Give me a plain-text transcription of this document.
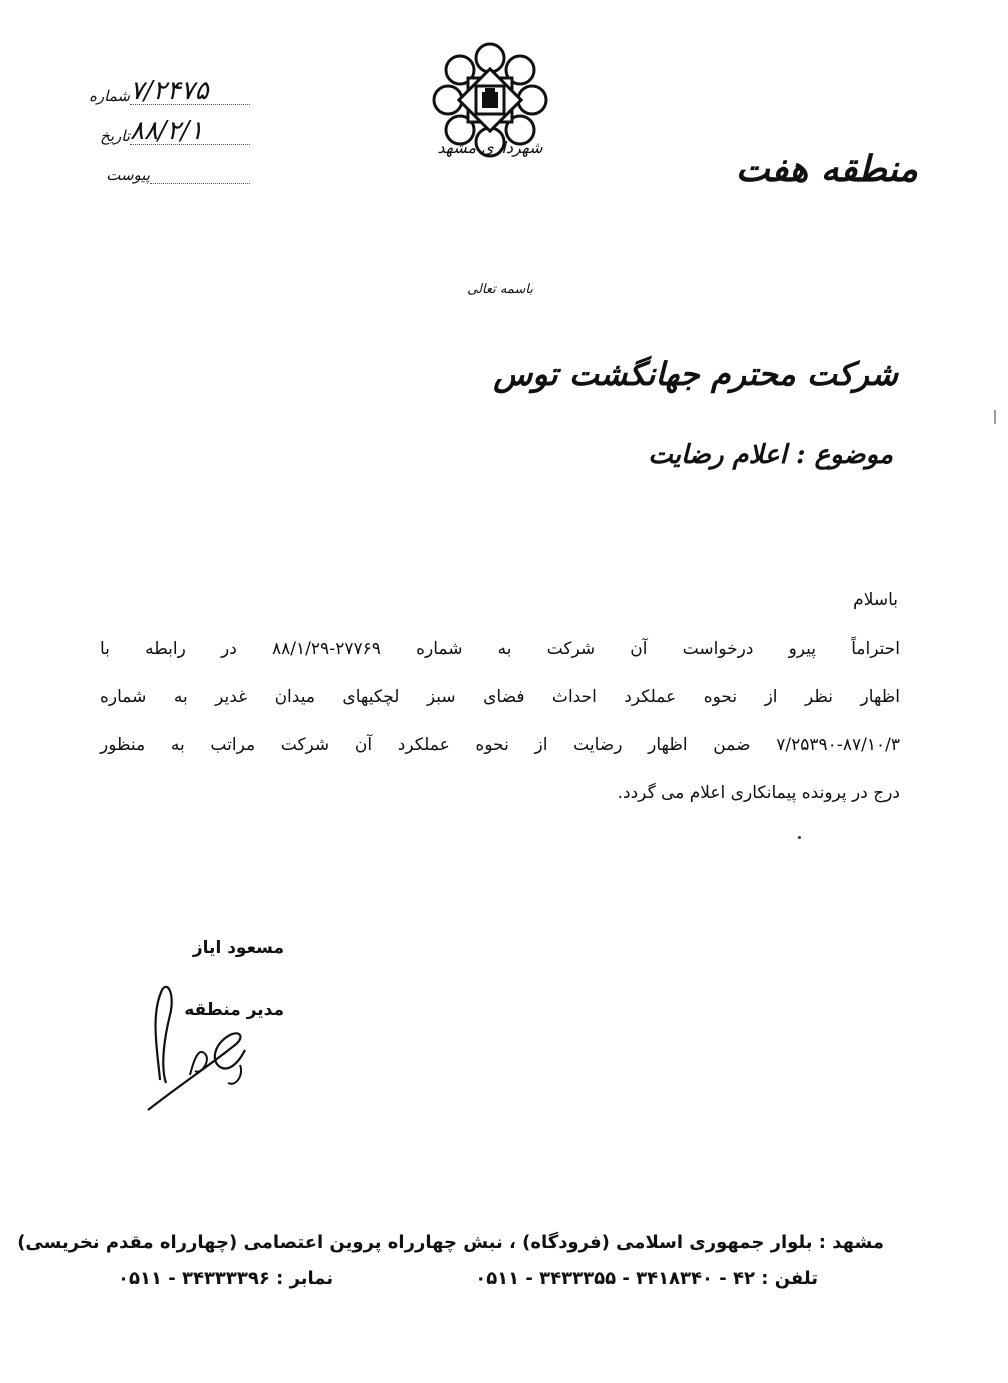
منطقه هفت
شهرداری مشهد
شماره ۷/۲۴۷۵
تاریخ ۸۸/۲/۱
پیوست
باسمه تعالی
شرکت محترم جهانگشت توس
موضوع : اعلام رضایت
باسلام

احتراماً پیرو درخواست آن شرکت به شماره ۲۷۷۶۹-۸۸/۱/۲۹ در رابطه با

اظهار نظر از نحوه عملکرد احداث فضای سبز لچکیهای میدان غدیر به شماره

۷/۲۵۳۹۰-۸۷/۱۰/۳ ضمن اظهار رضایت از نحوه عملکرد آن شرکت مراتب به منظور

درج در پرونده پیمانکاری اعلام می گردد.

مسعود ایاز
مدیر منطقه
مشهد : بلوار جمهوری اسلامی (فرودگاه) ، نبش چهارراه پروین اعتصامی (چهارراه مقدم نخریسی)
تلفن : ۴۲ - ۳۴۱۸۳۴۰ - ۳۴۳۳۳۵۵ - ۰۵۱۱
نمابر : ۳۴۳۳۳۳۹۶ - ۰۵۱۱
